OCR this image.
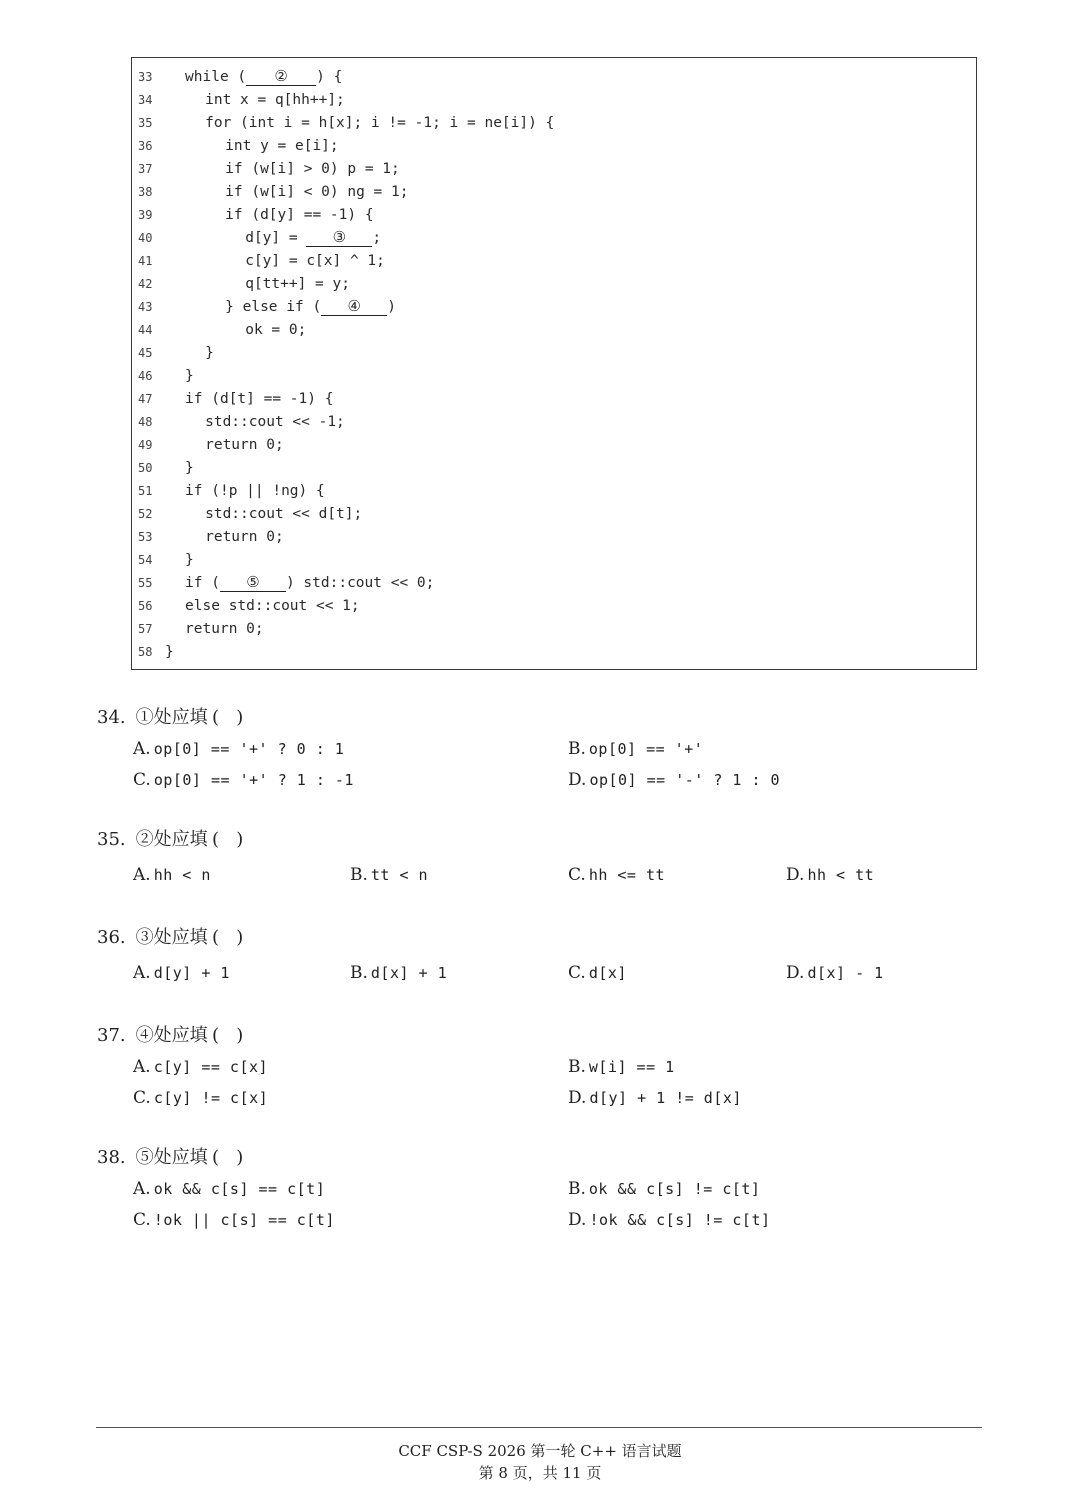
33	while ( ② ) {
34	int x = q[hh++];
35	for (int i = h[x]; i != -1; i = ne[i]) {
36	int y = e[i];
37	if (w[i] > 0) p = 1;
38	if (w[i] < 0) ng = 1;
39	if (d[y] == -1) {
40	d[y] = ③ ;
41	c[y] = c[x] ^ 1;
42	q[tt++] = y;
43	} else if ( ④ )
44	ok = 0;
45	}
46	}
47	if (d[t] == -1) {
48	std::cout << -1;
49	return 0;
50	}
51	if (!p || !ng) {
52	std::cout << d[t];
53	return 0;
54	}
55	if ( ⑤ ) std::cout << 0;
56	else std::cout << 1;
57	return 0;
58 }
34. ①处应填 (   )
A. op[0] == '+' ? 0 : 1	B. op[0] == '+'
C. op[0] == '+' ? 1 : -1	D. op[0] == '-' ? 1 : 0
35. ②处应填 (   )
A. hh < n	B. tt < n	C. hh <= tt	D. hh < tt
36. ③处应填 (   )
A. d[y] + 1	B. d[x] + 1	C. d[x]	D. d[x] - 1
37. ④处应填 (   )
A. c[y] == c[x]	B. w[i] == 1
C. c[y] != c[x]	D. d[y] + 1 != d[x]
38. ⑤处应填 (   )
A. ok && c[s] == c[t]	B. ok && c[s] != c[t]
C. !ok || c[s] == c[t]	D. !ok && c[s] != c[t]
CCF CSP-S 2026 第一轮 C++ 语言试题
第 8 页，共 11 页
